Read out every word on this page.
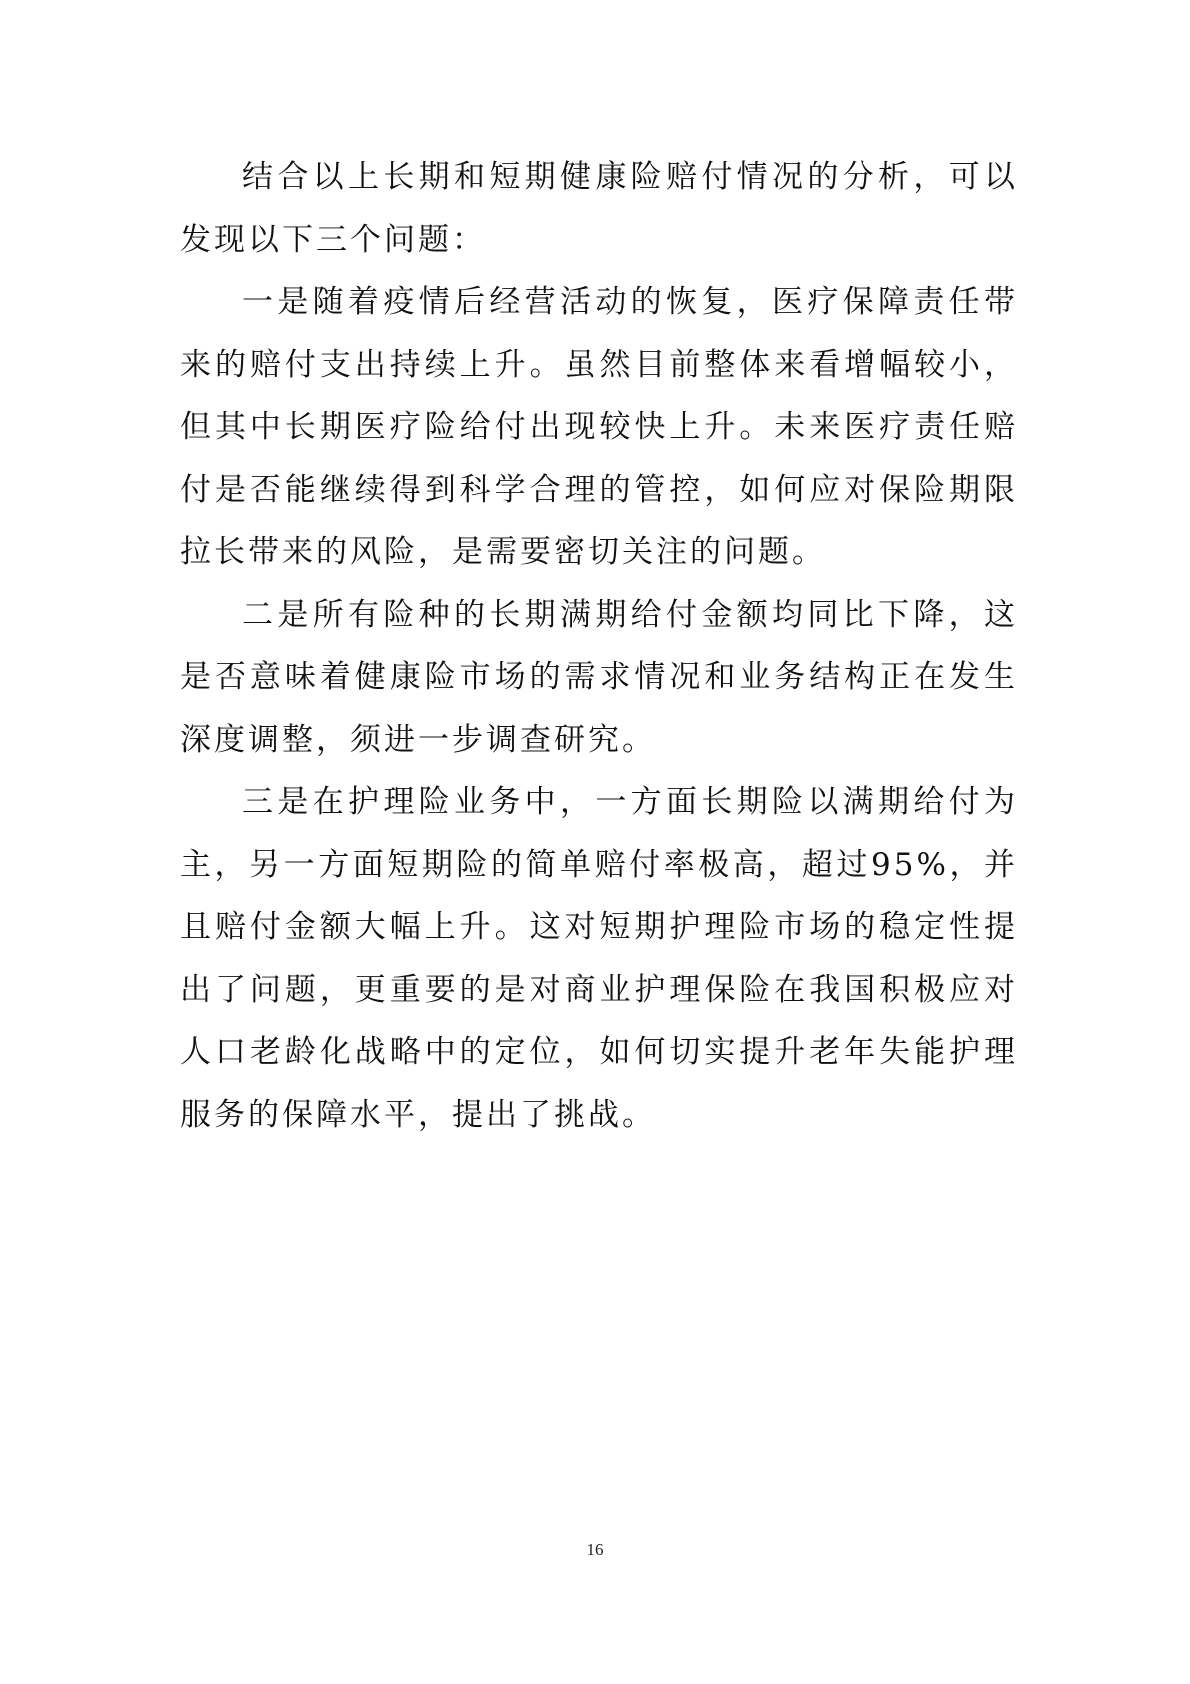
结合以上长期和短期健康险赔付情况的分析，可以发现以下三个问题：

一是随着疫情后经营活动的恢复，医疗保障责任带来的赔付支出持续上升。虽然目前整体来看增幅较小，但其中长期医疗险给付出现较快上升。未来医疗责任赔付是否能继续得到科学合理的管控，如何应对保险期限拉长带来的风险，是需要密切关注的问题。

二是所有险种的长期满期给付金额均同比下降，这是否意味着健康险市场的需求情况和业务结构正在发生深度调整，须进一步调查研究。

三是在护理险业务中，一方面长期险以满期给付为主，另一方面短期险的简单赔付率极高，超过95%，并且赔付金额大幅上升。这对短期护理险市场的稳定性提出了问题，更重要的是对商业护理保险在我国积极应对人口老龄化战略中的定位，如何切实提升老年失能护理服务的保障水平，提出了挑战。

16
